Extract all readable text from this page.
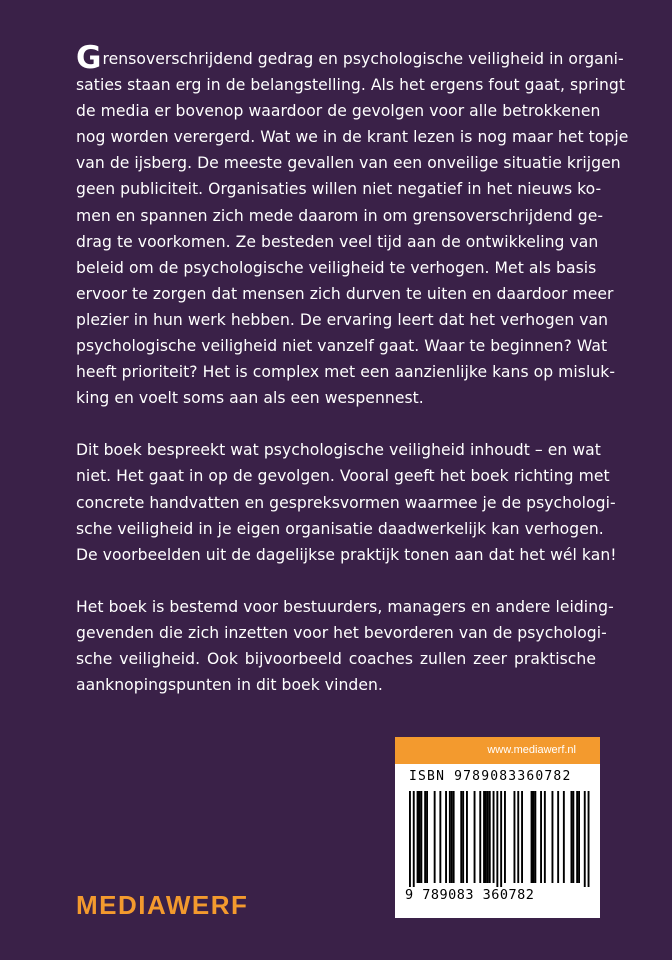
Grensoverschrijdend gedrag en psychologische veiligheid in organi-
saties staan erg in de belangstelling. Als het ergens fout gaat, springt
de media er bovenop waardoor de gevolgen voor alle betrokkenen
nog worden verergerd. Wat we in de krant lezen is nog maar het topje
van de ijsberg. De meeste gevallen van een onveilige situatie krijgen
geen publiciteit. Organisaties willen niet negatief in het nieuws ko-
men en spannen zich mede daarom in om grensoverschrijdend ge-
drag te voorkomen. Ze besteden veel tijd aan de ontwikkeling van
beleid om de psychologische veiligheid te verhogen. Met als basis
ervoor te zorgen dat mensen zich durven te uiten en daardoor meer
plezier in hun werk hebben. De ervaring leert dat het verhogen van
psychologische veiligheid niet vanzelf gaat. Waar te beginnen? Wat
heeft prioriteit? Het is complex met een aanzienlijke kans op misluk-
king en voelt soms aan als een wespennest.

Dit boek bespreekt wat psychologische veiligheid inhoudt – en wat
niet. Het gaat in op de gevolgen. Vooral geeft het boek richting met
concrete handvatten en gespreksvormen waarmee je de psychologi-
sche veiligheid in je eigen organisatie daadwerkelijk kan verhogen.
De voorbeelden uit de dagelijkse praktijk tonen aan dat het wél kan!

Het boek is bestemd voor bestuurders, managers en andere leiding-
gevenden die zich inzetten voor het bevorderen van de psychologi-
sche veiligheid. Ook bijvoorbeeld coaches zullen zeer praktische
aanknopingspunten in dit boek vinden.

MEDIAWERF
www.mediawerf.nl
ISBN 9789083360782
9 789083 360782
